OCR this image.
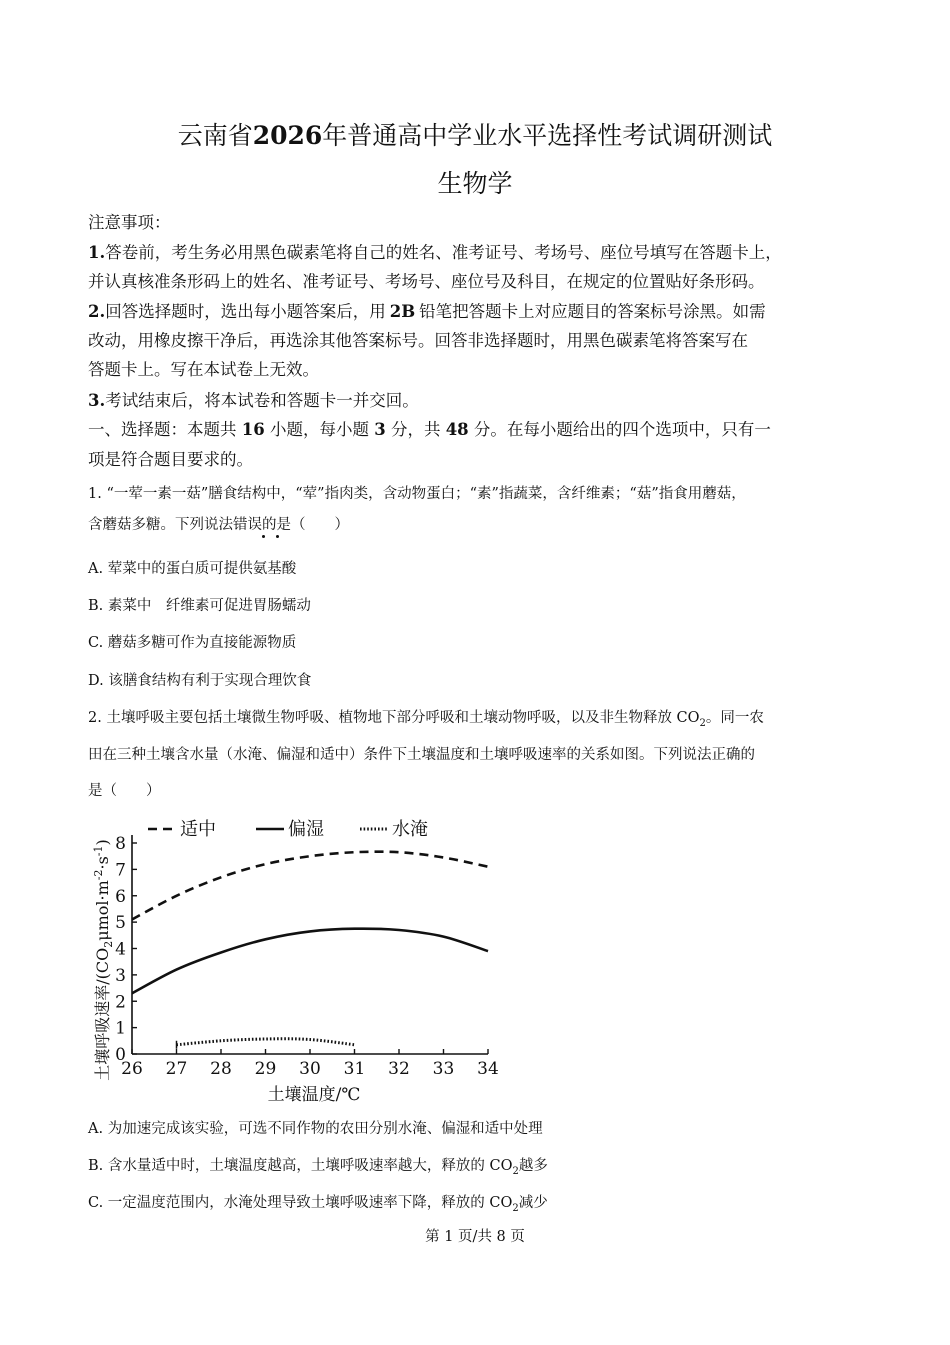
云南省2026年普通高中学业水平选择性考试调研测试
生物学
注意事项：
1.答卷前，考生务必用黑色碳素笔将自己的姓名、准考证号、考场号、座位号填写在答题卡上，
并认真核准条形码上的姓名、准考证号、考场号、座位号及科目，在规定的位置贴好条形码。
2.回答选择题时，选出每小题答案后，用 2B 铅笔把答题卡上对应题目的答案标号涂黑。如需
改动，用橡皮擦干净后，再选涂其他答案标号。回答非选择题时，用黑色碳素笔将答案写在
答题卡上。写在本试卷上无效。
3.考试结束后，将本试卷和答题卡一并交回。
一、选择题：本题共 16 小题，每小题 3 分，共 48 分。在每小题给出的四个选项中，只有一
项是符合题目要求的。
1. “一荤一素一菇”膳食结构中，“荤”指肉类，含动物蛋白；“素”指蔬菜，含纤维素；“菇”指食用蘑菇，
含蘑菇多糖。下列说法错误的是（　　）
A. 荤菜中的蛋白质可提供氨基酸
B. 素菜中　纤维素可促进胃肠蠕动
C. 蘑菇多糖可作为直接能源物质
D. 该膳食结构有利于实现合理饮食
2. 土壤呼吸主要包括土壤微生物呼吸、植物地下部分呼吸和土壤动物呼吸，以及非生物释放 $CO_2$。同一农
田在三种土壤含水量（水淹、偏湿和适中）条件下土壤温度和土壤呼吸速率的关系如图。下列说法正确的
是（　　）
适中	偏湿	水淹
26 27 28 29 30 31 32 33 34
0
1
2
3
4
5
6
7
8
土壤温度/℃
土壤呼吸速率$/(CO_2\mu mol\cdot m^{-2}\cdot s^{-1})$
A. 为加速完成该实验，可选不同作物的农田分别水淹、偏湿和适中处理
B. 含水量适中时，土壤温度越高，土壤呼吸速率越大，释放的 $CO_2$越多
C. 一定温度范围内，水淹处理导致土壤呼吸速率下降，释放的 $CO_2$减少
第 1 页/共 8 页
